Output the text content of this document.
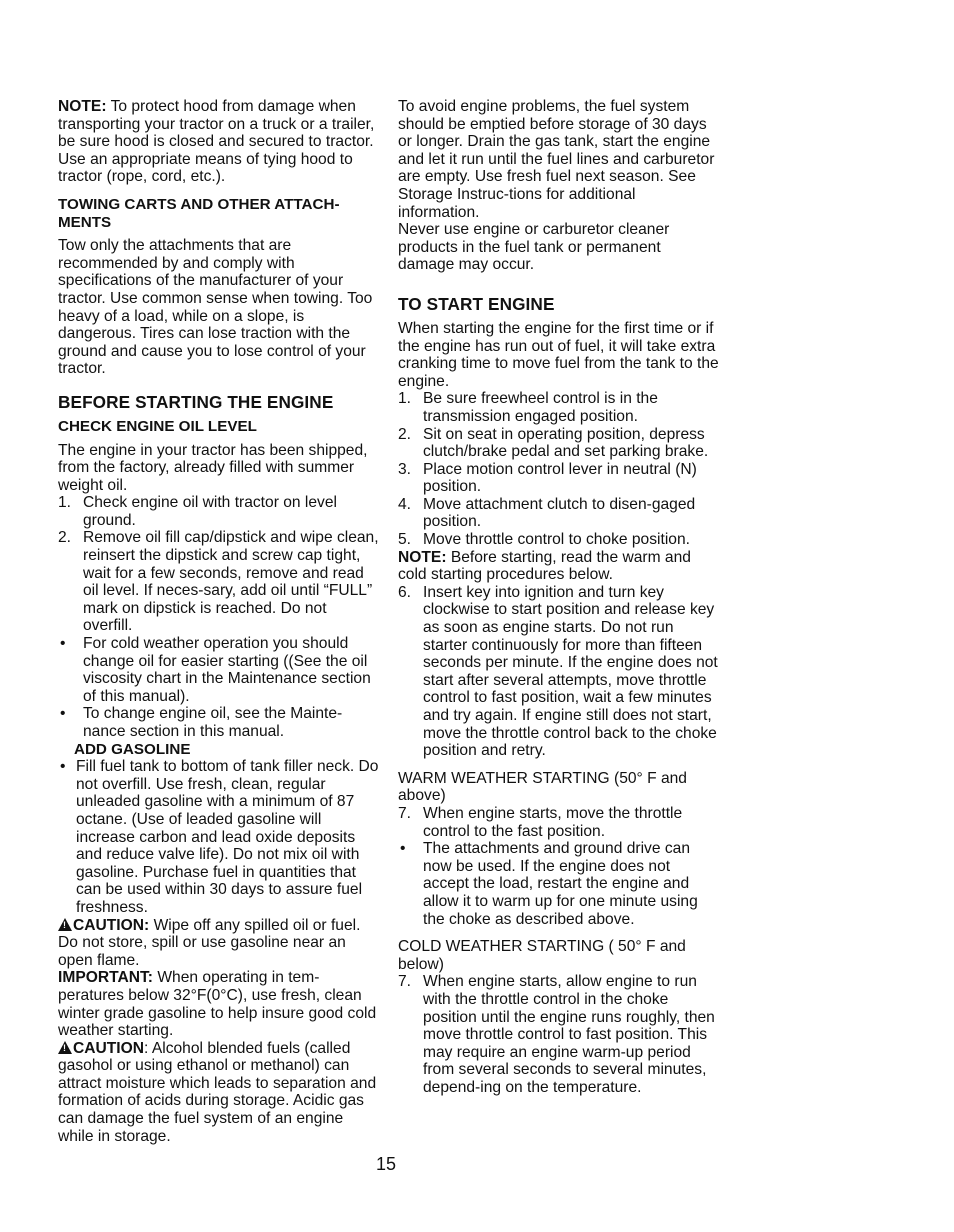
NOTE: To protect hood from damage when transporting your tractor on a truck or a trailer, be sure hood is closed and secured to tractor. Use an appropriate means of tying hood to tractor (rope, cord, etc.).

TOWING CARTS AND OTHER ATTACH-MENTS

Tow only the attachments that are recommended by and comply with specifications of the manufacturer of your tractor. Use common sense when towing. Too heavy of a load, while on a slope, is dangerous. Tires can lose traction with the ground and cause you to lose control of your tractor.

BEFORE STARTING THE ENGINE

CHECK ENGINE OIL LEVEL

The engine in your tractor has been shipped, from the factory, already filled with summer weight oil.

1. Check engine oil with tractor on level ground.
2. Remove oil fill cap/dipstick and wipe clean, reinsert the dipstick and screw cap tight, wait for a few seconds, remove and read oil level. If neces-sary, add oil until “FULL” mark on dipstick is reached. Do not overfill.
• For cold weather operation you should change oil for easier starting ((See the oil viscosity chart in the Maintenance section of this manual).
• To change engine oil, see the Mainte-nance section in this manual.

ADD GASOLINE

• Fill fuel tank to bottom of tank filler neck. Do not overfill. Use fresh, clean, regular unleaded gasoline with a minimum of 87 octane. (Use of leaded gasoline will increase carbon and lead oxide deposits and reduce valve life). Do not mix oil with gasoline. Purchase fuel in quantities that can be used within 30 days to assure fuel freshness.

!CAUTION: Wipe off any spilled oil or fuel. Do not store, spill or use gasoline near an open flame.

IMPORTANT: When operating in tem-peratures below 32°F(0°C), use fresh, clean winter grade gasoline to help insure good cold weather starting.

!CAUTION: Alcohol blended fuels (called gasohol or using ethanol or methanol) can attract moisture which leads to separation and formation of acids during storage. Acidic gas can damage the fuel system of an engine while in storage.

To avoid engine problems, the fuel system should be emptied before storage of 30 days or longer. Drain the gas tank, start the engine and let it run until the fuel lines and carburetor are empty. Use fresh fuel next season. See Storage Instruc-tions for additional information.

Never use engine or carburetor cleaner products in the fuel tank or permanent damage may occur.

TO START ENGINE

When starting the engine for the first time or if the engine has run out of fuel, it will take extra cranking time to move fuel from the tank to the engine.

1. Be sure freewheel control is in the transmission engaged position.
2. Sit on seat in operating position, depress clutch/brake pedal and set parking brake.
3. Place motion control lever in neutral (N) position.
4. Move attachment clutch to disen-gaged position.
5. Move throttle control to choke position.

NOTE: Before starting, read the warm and cold starting procedures below.

6. Insert key into ignition and turn key clockwise to start position and release key as soon as engine starts. Do not run starter continuously for more than fifteen seconds per minute. If the engine does not start after several attempts, move throttle control to fast position, wait a few minutes and try again. If engine still does not start, move the throttle control back to the choke position and retry.

WARM WEATHER STARTING (50° F and above)

7. When engine starts, move the throttle control to the fast position.
• The attachments and ground drive can now be used. If the engine does not accept the load, restart the engine and allow it to warm up for one minute using the choke as described above.

COLD WEATHER STARTING ( 50° F and below)

7. When engine starts, allow engine to run with the throttle control in the choke position until the engine runs roughly, then move throttle control to fast position. This may require an engine warm-up period from several seconds to several minutes, depend-ing on the temperature.
15
